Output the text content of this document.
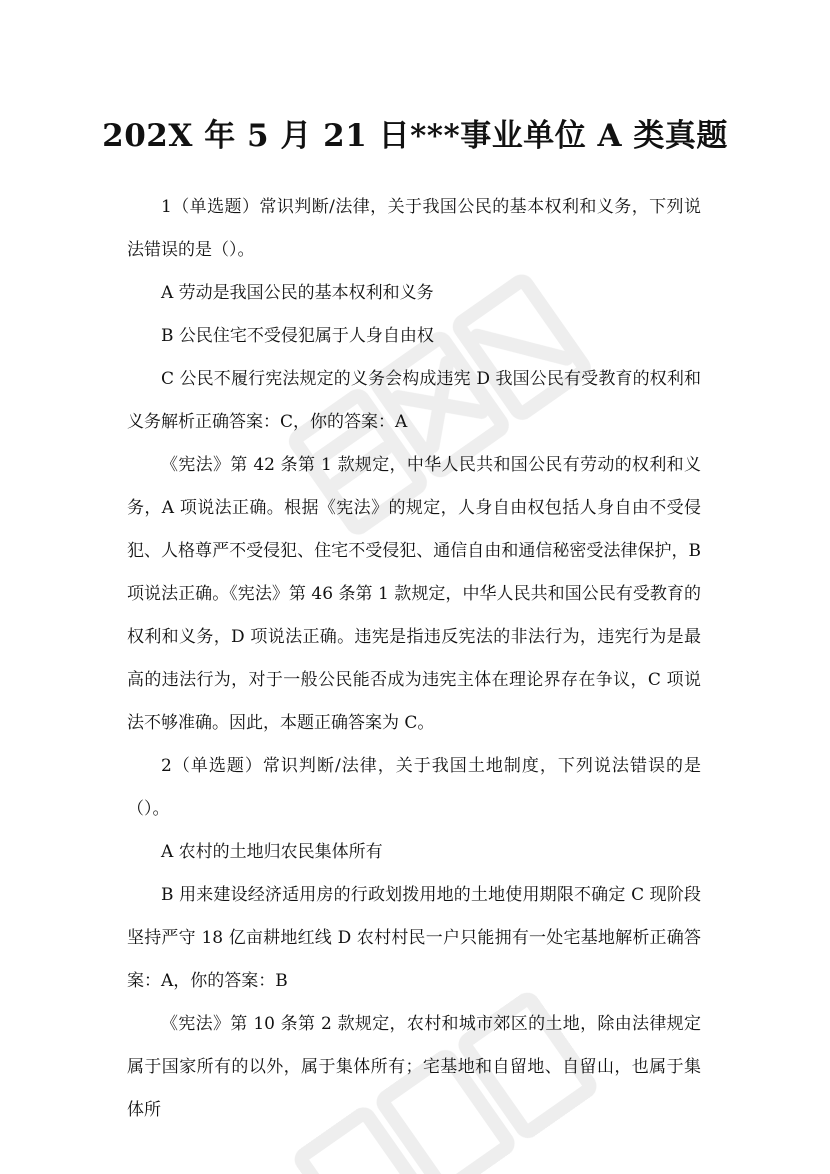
202X 年 5 月 21 日***事业单位 A 类真题

1（单选题）常识判断/法律，关于我国公民的基本权利和义务，下列说法错误的是（）。

A 劳动是我国公民的基本权利和义务

B 公民住宅不受侵犯属于人身自由权

C 公民不履行宪法规定的义务会构成违宪 D 我国公民有受教育的权利和义务解析正确答案：C，你的答案：A

《宪法》第 42 条第 1 款规定，中华人民共和国公民有劳动的权利和义务，A 项说法正确。根据《宪法》的规定，人身自由权包括人身自由不受侵犯、人格尊严不受侵犯、住宅不受侵犯、通信自由和通信秘密受法律保护，B 项说法正确。《宪法》第 46 条第 1 款规定，中华人民共和国公民有受教育的权利和义务，D 项说法正确。违宪是指违反宪法的非法行为，违宪行为是最高的违法行为，对于一般公民能否成为违宪主体在理论界存在争议，C 项说法不够准确。因此，本题正确答案为 C。

2（单选题）常识判断/法律，关于我国土地制度，下列说法错误的是（）。

A 农村的土地归农民集体所有

B 用来建设经济适用房的行政划拨用地的土地使用期限不确定 C 现阶段坚持严守 18 亿亩耕地红线 D 农村村民一户只能拥有一处宅基地解析正确答案：A，你的答案：B

《宪法》第 10 条第 2 款规定，农村和城市郊区的土地，除由法律规定属于国家所有的以外，属于集体所有；宅基地和自留地、自留山，也属于集体所
